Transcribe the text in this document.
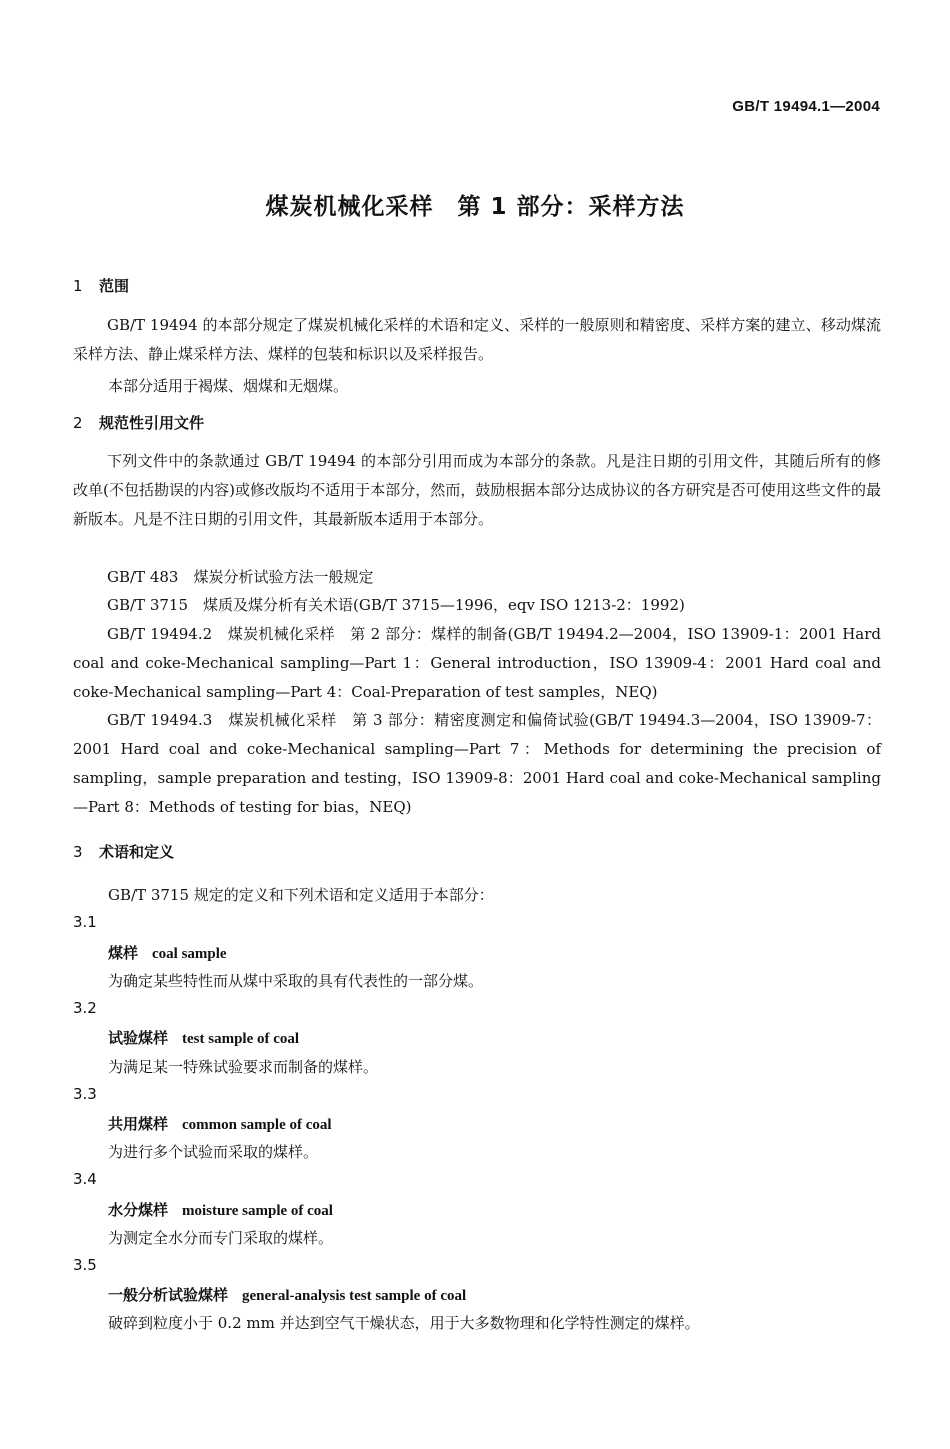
GB/T 19494.1—2004
煤炭机械化采样　第 1 部分：采样方法
1 范围

GB/T 19494 的本部分规定了煤炭机械化采样的术语和定义、采样的一般原则和精密度、采样方案的建立、移动煤流采样方法、静止煤采样方法、煤样的包装和标识以及采样报告。

本部分适用于褐煤、烟煤和无烟煤。
2 规范性引用文件

下列文件中的条款通过 GB/T 19494 的本部分引用而成为本部分的条款。凡是注日期的引用文件，其随后所有的修改单(不包括勘误的内容)或修改版均不适用于本部分，然而，鼓励根据本部分达成协议的各方研究是否可使用这些文件的最新版本。凡是不注日期的引用文件，其最新版本适用于本部分。

GB/T 483　煤炭分析试验方法一般规定

GB/T 3715　煤质及煤分析有关术语(GB/T 3715—1996，eqv ISO 1213-2：1992)

GB/T 19494.2　煤炭机械化采样　第 2 部分：煤样的制备(GB/T 19494.2—2004，ISO 13909-1：2001 Hard coal and coke-Mechanical sampling—Part 1：General introduction，ISO 13909-4：2001 Hard coal and coke-Mechanical sampling—Part 4：Coal-Preparation of test samples，NEQ)

GB/T 19494.3　煤炭机械化采样　第 3 部分：精密度测定和偏倚试验(GB/T 19494.3—2004，ISO 13909-7：2001 Hard coal and coke-Mechanical sampling—Part 7：Methods for determining the precision of sampling，sample preparation and testing，ISO 13909-8：2001 Hard coal and coke-Mechanical sampling—Part 8：Methods of testing for bias，NEQ)

3 术语和定义
GB/T 3715 规定的定义和下列术语和定义适用于本部分：
3.1
煤样 coal sample
为确定某些特性而从煤中采取的具有代表性的一部分煤。
3.2
试验煤样 test sample of coal
为满足某一特殊试验要求而制备的煤样。
3.3
共用煤样 common sample of coal
为进行多个试验而采取的煤样。
3.4
水分煤样 moisture sample of coal
为测定全水分而专门采取的煤样。
3.5
一般分析试验煤样 general-analysis test sample of coal
破碎到粒度小于 0.2 mm 并达到空气干燥状态，用于大多数物理和化学特性测定的煤样。
